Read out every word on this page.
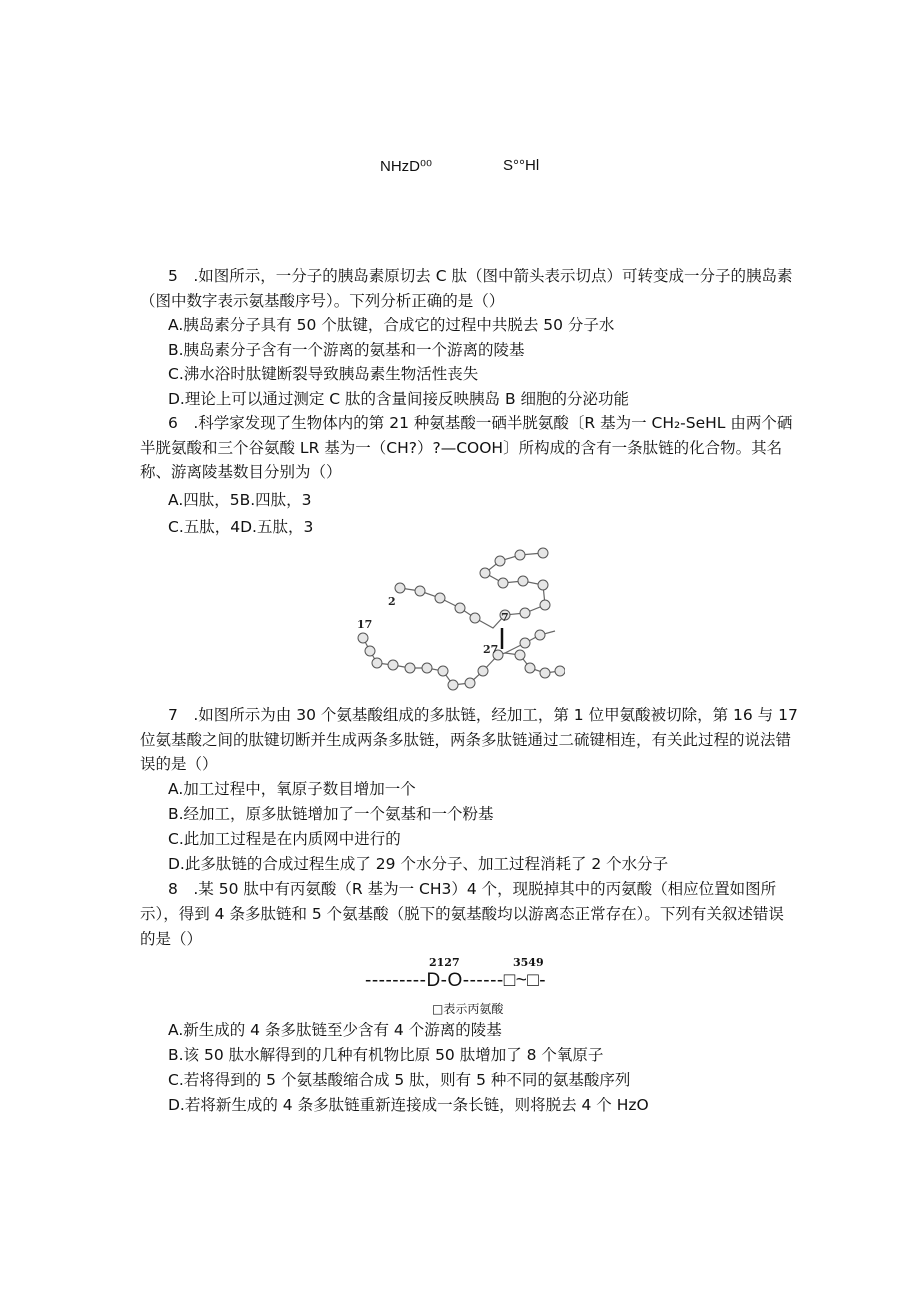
NHzD⁰⁰	S°°Hl
5　.如图所示，一分子的胰岛素原切去 C 肽（图中箭头表示切点）可转变成一分子的胰岛素
（图中数字表示氨基酸序号）。下列分析正确的是（）
A.胰岛素分子具有 50 个肽键，合成它的过程中共脱去 50 分子水
B.胰岛素分子含有一个游离的氨基和一个游离的陵基
C.沸水浴时肽键断裂导致胰岛素生物活性丧失
D.理论上可以通过测定 C 肽的含量间接反映胰岛 B 细胞的分泌功能
6　.科学家发现了生物体内的第 21 种氨基酸一硒半胱氨酸〔R 基为一 CH₂-SeHL 由两个硒
半胱氨酸和三个谷氨酸 LR 基为一（CH?）?—COOH〕所构成的含有一条肽链的化合物。其名
称、游离陵基数目分别为（）
A.四肽，5B.四肽，3
C.五肽，4D.五肽，3
2
7
17
27
7　.如图所示为由 30 个氨基酸组成的多肽链，经加工，第 1 位甲氨酸被切除，第 16 与 17
位氨基酸之间的肽键切断并生成两条多肽链，两条多肽链通过二硫键相连，有关此过程的说法错
误的是（）
A.加工过程中，氧原子数目增加一个
B.经加工，原多肽链增加了一个氨基和一个粉基
C.此加工过程是在内质网中进行的
D.此多肽链的合成过程生成了 29 个水分子、加工过程消耗了 2 个水分子
8　.某 50 肽中有丙氨酸（R 基为一 CH3）4 个，现脱掉其中的丙氨酸（相应位置如图所
示），得到 4 条多肽链和 5 个氨基酸（脱下的氨基酸均以游离态正常存在）。下列有关叙述错误
的是（）
2127	3549
---------D-O------□~□-
□表示丙氨酸
A.新生成的 4 条多肽链至少含有 4 个游离的陵基
B.该 50 肽水解得到的几种有机物比原 50 肽增加了 8 个氧原子
C.若将得到的 5 个氨基酸缩合成 5 肽，则有 5 种不同的氨基酸序列
D.若将新生成的 4 条多肽链重新连接成一条长链，则将脱去 4 个 HzO
